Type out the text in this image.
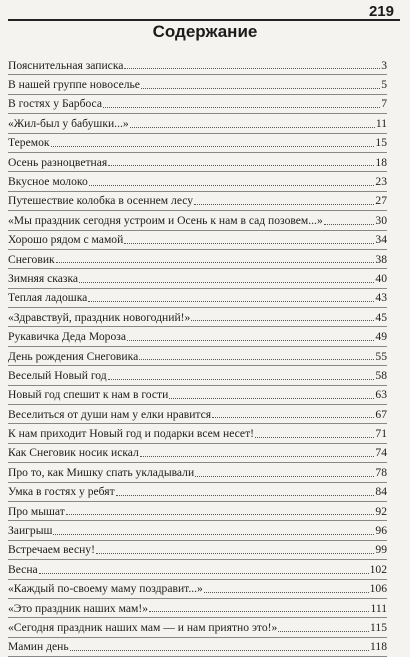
219
Содержание
Пояснительная записка	3
В нашей группе новоселье	5
В гостях у Барбоса	7
«Жил-был у бабушки...»	11
Теремок	15
Осень разноцветная	18
Вкусное молоко	23
Путешествие колобка в осеннем лесу	27
«Мы праздник сегодня устроим и Осень к нам в сад позовем...»	30
Хорошо рядом с мамой	34
Снеговик	38
Зимняя сказка	40
Теплая ладошка	43
«Здравствуй, праздник новогодний!»	45
Рукавичка Деда Мороза	49
День рождения Снеговика	55
Веселый Новый год	58
Новый год спешит к нам в гости	63
Веселиться от души нам у елки нравится	67
К нам приходит Новый год и подарки всем несет!	71
Как Снеговик носик искал	74
Про то, как Мишку спать укладывали	78
Умка в гостях у ребят	84
Про мышат	92
Заигрыш	96
Встречаем весну!	99
Весна	102
«Каждый по-своему маму поздравит...»	106
«Это праздник наших мам!»	111
«Сегодня праздник наших мам — и нам приятно это!»	115
Мамин день	118
